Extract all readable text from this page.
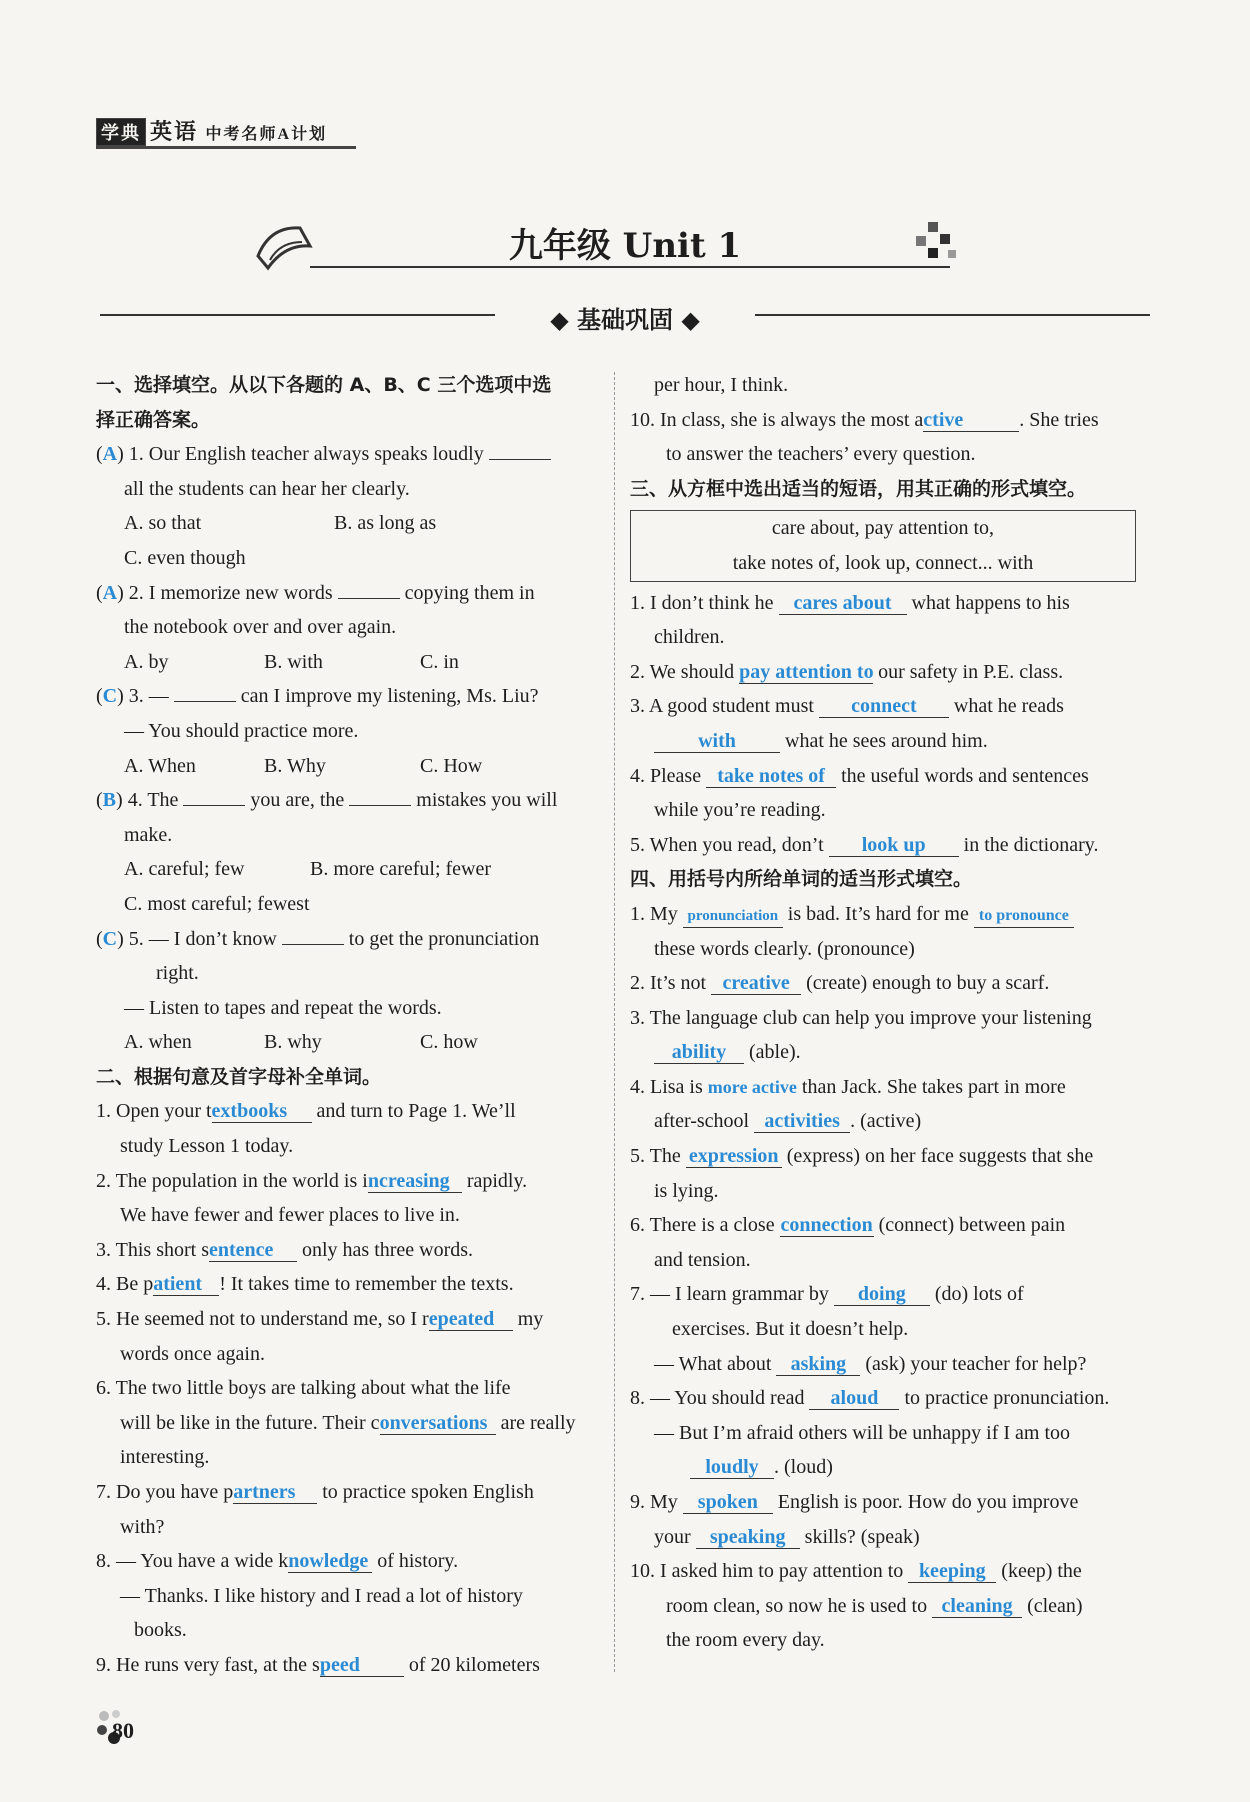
学典 英语 中考名师A计划
九年级 Unit 1
◆ 基础巩固 ◆
一、选择填空。从以下各题的 A、B、C 三个选项中选
择正确答案。
(A) 1. Our English teacher always speaks loudly
all the students can hear her clearly.
A. so that	B. as long as
C. even though
(A) 2. I memorize new words	copying them in
the notebook over and over again.
A. by	B. with	C. in
(C) 3. —	can I improve my listening, Ms. Liu?
— You should practice more.
A. When	B. Why	C. How
(B) 4. The	you are, the	mistakes you will
make.
A. careful; few	B. more careful; fewer
C. most careful; fewest
(C) 5. — I don’t know	to get the pronunciation
right.
— Listen to tapes and repeat the words.
A. when	B. why	C. how
二、根据句意及首字母补全单词。
1. Open your textbooks and turn to Page 1. We’ll
study Lesson 1 today.
2. The population in the world is increasing rapidly.
We have fewer and fewer places to live in.
3. This short sentence only has three words.
4. Be patient ! It takes time to remember the texts.
5. He seemed not to understand me, so I repeated my
words once again.
6. The two little boys are talking about what the life
will be like in the future. Their conversations are really
interesting.
7. Do you have partners to practice spoken English
with?
8. — You have a wide knowledge of history.
— Thanks. I like history and I read a lot of history
books.
9. He runs very fast, at the speed of 20 kilometers
per hour, I think.
10. In class, she is always the most active	. She tries
to answer the teachers’ every question.
三、从方框中选出适当的短语，用其正确的形式填空。
care about, pay attention to,
take notes of, look up, connect... with
1. I don’t think he cares about what happens to his
children.
2. We should pay attention to our safety in P.E. class.
3. A good student must connect what he reads
with what he sees around him.
4. Please take notes of the useful words and sentences
while you’re reading.
5. When you read, don’t look up in the dictionary.
四、用括号内所给单词的适当形式填空。
1. My pronunciation is bad. It’s hard for me to pronounce
these words clearly. (pronounce)
2. It’s not creative (create) enough to buy a scarf.
3. The language club can help you improve your listening
ability (able).
4. Lisa is more active than Jack. She takes part in more
after-school activities . (active)
5. The expression (express) on her face suggests that she
is lying.
6. There is a close connection (connect) between pain
and tension.
7. — I learn grammar by doing (do) lots of
exercises. But it doesn’t help.
— What about asking (ask) your teacher for help?
8. — You should read aloud to practice pronunciation.
— But I’m afraid others will be unhappy if I am too
loudly . (loud)
9. My spoken English is poor. How do you improve
your speaking skills? (speak)
10. I asked him to pay attention to keeping (keep) the
room clean, so now he is used to cleaning (clean)
the room every day.
80
